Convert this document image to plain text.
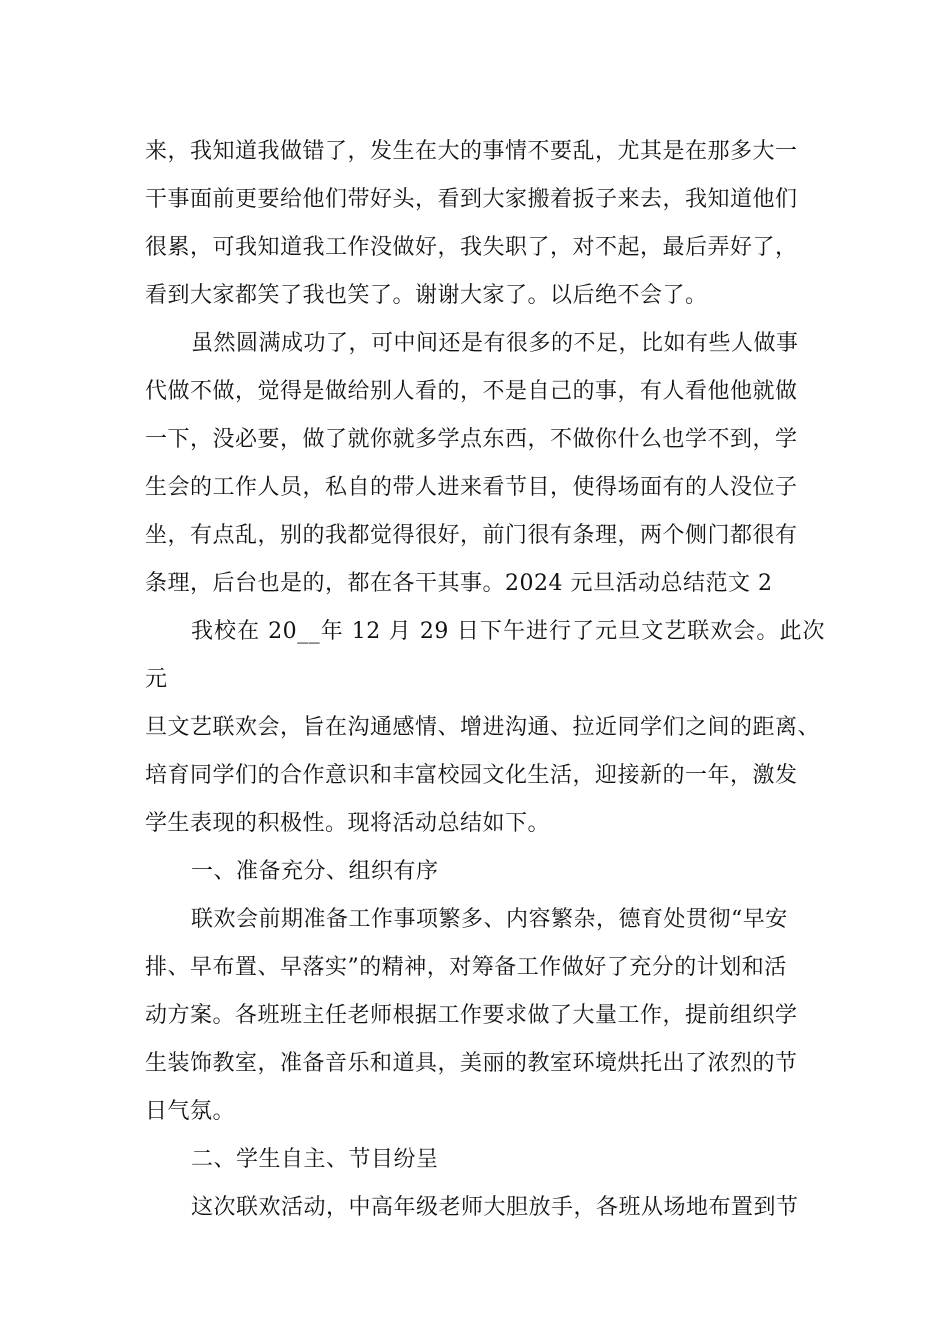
来，我知道我做错了，发生在大的事情不要乱，尤其是在那多大一
干事面前更要给他们带好头，看到大家搬着扳子来去，我知道他们
很累，可我知道我工作没做好，我失职了，对不起，最后弄好了，
看到大家都笑了我也笑了。谢谢大家了。以后绝不会了。

虽然圆满成功了，可中间还是有很多的不足，比如有些人做事
代做不做，觉得是做给别人看的，不是自己的事，有人看他他就做
一下，没必要，做了就你就多学点东西，不做你什么也学不到，学
生会的工作人员，私自的带人进来看节目，使得场面有的人没位子
坐，有点乱，别的我都觉得很好，前门很有条理，两个侧门都很有
条理，后台也是的，都在各干其事。2024 元旦活动总结范文 2

我校在 20__年 12 月 29 日下午进行了元旦文艺联欢会。此次元
旦文艺联欢会，旨在沟通感情、增进沟通、拉近同学们之间的距离、
培育同学们的合作意识和丰富校园文化生活，迎接新的一年，激发
学生表现的积极性。现将活动总结如下。

一、准备充分、组织有序

联欢会前期准备工作事项繁多、内容繁杂，德育处贯彻“早安
排、早布置、早落实”的精神，对筹备工作做好了充分的计划和活
动方案。各班班主任老师根据工作要求做了大量工作，提前组织学
生装饰教室，准备音乐和道具，美丽的教室环境烘托出了浓烈的节
日气氛。

二、学生自主、节目纷呈

这次联欢活动，中高年级老师大胆放手，各班从场地布置到节
